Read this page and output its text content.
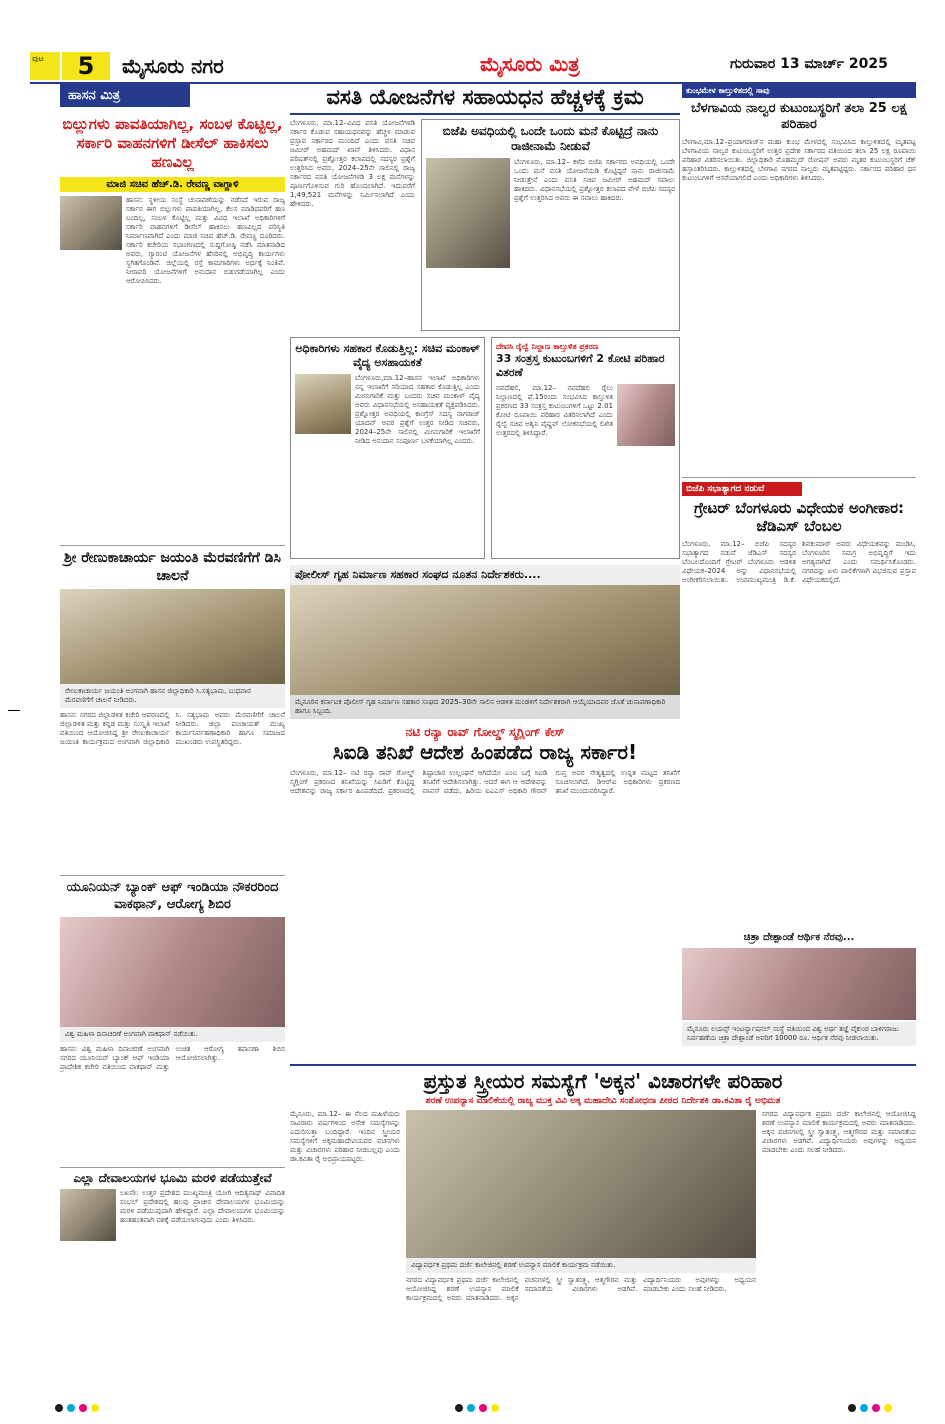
ಪುಟ	5	ಮೈಸೂರು ನಗರ	ಮೈಸೂರು ಮಿತ್ರ	ಗುರುವಾರ 13 ಮಾರ್ಚ್ 2025
ಹಾಸನ ಮಿತ್ರ
ಬಿಲ್ಲುಗಳು ಪಾವತಿಯಾಗಿಲ್ಲ, ಸಂಬಳ ಕೊಟ್ಟಿಲ್ಲ, ಸರ್ಕಾರಿ ವಾಹನಗಳಿಗೆ ಡೀಸೆಲ್ ಹಾಕಿಸಲು ಹಣವಿಲ್ಲ
ಮಾಜಿ ಸಚಿವ ಹೆಚ್.ಡಿ. ರೇವಣ್ಣ ವಾಗ್ದಾಳಿ
ಹಾಸನ: ಸ್ಥಳೀಯ ಸಂಸ್ಥೆ ಚುನಾವಣೆಯನ್ನು ನಡೆಸದೆ ಇರುವ ರಾಜ್ಯ ಸರ್ಕಾರ ಈಗ ಬಿಲ್ಲುಗಳು ಪಾವತಿಯಾಗಿಲ್ಲ, ಕೆಲಸ ಮಾಡಿದವರಿಗೆ ಹಣ ಬಂದಿಲ್ಲ, ಸಂಬಳ ಕೊಟ್ಟಿಲ್ಲ ಮತ್ತು ವಿವಿಧ ಇಲಾಖೆ ಅಧಿಕಾರಿಗಳಿಗೆ ಸರ್ಕಾರಿ ವಾಹನಗಳಿಗೆ ಡೀಸೆಲ್ ಹಾಕಿಸಲು ಹಣವಿಲ್ಲದ ಪರಿಸ್ಥಿತಿ ನಿರ್ಮಾಣವಾಗಿದೆ ಎಂದು ಮಾಜಿ ಸಚಿವ ಹೆಚ್.ಡಿ. ರೇವಣ್ಣ ದೂರಿದರು. ಸರ್ಕಾರಿ ಕಚೇರಿಯ ಸಭಾಂಗಣದಲ್ಲಿ ಸುದ್ದಿಗೋಷ್ಠಿ ನಡೆಸಿ ಮಾತನಾಡಿದ ಅವರು, ಗ್ಯಾರಂಟಿ ಯೋಜನೆಗಳ ಹೆಸರಿನಲ್ಲಿ ಅಭಿವೃದ್ಧಿ ಕಾರ್ಯಗಳು ಸ್ಥಗಿತಗೊಂಡಿವೆ. ಜಿಲ್ಲೆಯಲ್ಲಿ ರಸ್ತೆ ಕಾಮಗಾರಿಗಳು ಅರ್ಧಕ್ಕೆ ನಿಂತಿವೆ. ನೀರಾವರಿ ಯೋಜನೆಗಳಿಗೆ ಅನುದಾನ ಬಿಡುಗಡೆಯಾಗಿಲ್ಲ ಎಂದು ಆರೋಪಿಸಿದರು.
ಶ್ರೀ ರೇಣುಕಾಚಾರ್ಯ ಜಯಂತಿ ಮೆರವಣಿಗೆಗೆ ಡಿಸಿ ಚಾಲನೆ
ರೇಣುಕಾಚಾರ್ಯ ಜಯಂತಿ ಅಂಗವಾಗಿ ಹಾಸನ ಜಿಲ್ಲಾಧಿಕಾರಿ ಸಿ.ಸತ್ಯಭಾಮ, ಬುಧವಾರ ಮೆರವಣಿಗೆಗೆ ಚಾಲನೆ ನೀಡಿದರು.
ಹಾಸನ: ನಗರದ ಜಿಲ್ಲಾಡಳಿತ ಕಚೇರಿ ಆವರಣದಲ್ಲಿ ಜಿಲ್ಲಾಡಳಿತ ಮತ್ತು ಕನ್ನಡ ಮತ್ತು ಸಂಸ್ಕೃತಿ ಇಲಾಖೆ ವತಿಯಿಂದ ಆಯೋಜಿಸಿದ್ದ ಶ್ರೀ ರೇಣುಕಾಚಾರ್ಯ ಜಯಂತಿ ಕಾರ್ಯಕ್ರಮದ ಅಂಗವಾಗಿ ಜಿಲ್ಲಾಧಿಕಾರಿ ಸಿ. ಸತ್ಯಭಾಮ ಅವರು ಮೆರವಣಿಗೆಗೆ ಚಾಲನೆ ನೀಡಿದರು. ಜಿಲ್ಲಾ ಪಂಚಾಯತ್ ಮುಖ್ಯ ಕಾರ್ಯನಿರ್ವಹಣಾಧಿಕಾರಿ ಹಾಗೂ ಸಮಾಜದ ಮುಖಂಡರು ಉಪಸ್ಥಿತರಿದ್ದರು.
ಯೂನಿಯನ್ ಬ್ಯಾಂಕ್ ಆಫ್ ಇಂಡಿಯಾ ನೌಕರರಿಂದ ವಾಕಥಾನ್, ಆರೋಗ್ಯ ಶಿಬಿರ
ವಿಶ್ವ ಮಹಿಳಾ ದಿನಾಚರಣೆ ಅಂಗವಾಗಿ ವಾಕಥಾನ್ ನಡೆಯಿತು.
ಹಾಸನ: ವಿಶ್ವ ಮಹಿಳಾ ದಿನಾಚರಣೆ ಅಂಗವಾಗಿ ನಗರದ ಯೂನಿಯನ್ ಬ್ಯಾಂಕ್ ಆಫ್ ಇಂಡಿಯಾ ಪ್ರಾದೇಶಿಕ ಕಚೇರಿ ವತಿಯಿಂದ ವಾಕಥಾನ್ ಮತ್ತು ಉಚಿತ ಆರೋಗ್ಯ ತಪಾಸಣಾ ಶಿಬಿರ ಆಯೋಜಿಸಲಾಗಿತ್ತು.
ಎಲ್ಲಾ ದೇವಾಲಯಗಳ ಭೂಮಿ ಮರಳಿ ಪಡೆಯುತ್ತೇವೆ
ಲಖನೌ: ಉತ್ತರ ಪ್ರದೇಶದ ಮುಖ್ಯಮಂತ್ರಿ ಯೋಗಿ ಆದಿತ್ಯನಾಥ್ ವಿವಾದಿತ ಸಂಭಲ್ ಪ್ರದೇಶದಲ್ಲಿ ಹಲವು ಪ್ರಾಚೀನ ದೇವಾಲಯಗಳ ಭೂಮಿಯನ್ನು ಮರಳಿ ಪಡೆಯುವುದಾಗಿ ಹೇಳಿದ್ದಾರೆ. ಎಲ್ಲಾ ದೇವಾಲಯಗಳ ಭೂಮಿಯನ್ನು ಹಂತಹಂತವಾಗಿ ವಶಕ್ಕೆ ಪಡೆಯಲಾಗುವುದು ಎಂದು ತಿಳಿಸಿದರು.
ವಸತಿ ಯೋಜನೆಗಳ ಸಹಾಯಧನ ಹೆಚ್ಚಳಕ್ಕೆ ಕ್ರಮ
ಬೆಂಗಳೂರು, ಮಾ.12–ವಿವಿಧ ವಸತಿ ಯೋಜನೆಗಳಡಿ ಸರ್ಕಾರ ಕೊಡುವ ಸಹಾಯಧನವನ್ನು ಹೆಚ್ಚಳ ಮಾಡುವ ಪ್ರಸ್ತಾವ ಸರ್ಕಾರದ ಮುಂದಿದೆ ಎಂದು ವಸತಿ ಸಚಿವ ಜಮೀರ್ ಅಹಮದ್ ಖಾನ್ ತಿಳಿಸಿದರು. ವಿಧಾನ ಪರಿಷತ್‌ನಲ್ಲಿ ಪ್ರಶ್ನೋತ್ತರ ಕಲಾಪದಲ್ಲಿ ಸದಸ್ಯರ ಪ್ರಶ್ನೆಗೆ ಉತ್ತರಿಸಿದ ಅವರು, 2024–25ನೇ ಸಾಲಿನಲ್ಲಿ ರಾಜ್ಯ ಸರ್ಕಾರದ ವಸತಿ ಯೋಜನೆಗಳಡಿ 3 ಲಕ್ಷ ಮನೆಗಳನ್ನು ಪೂರ್ಣಗೊಳಿಸುವ ಗುರಿ ಹೊಂದಲಾಗಿದೆ. ಇದುವರೆಗೆ 1,49,521 ಮನೆಗಳನ್ನು ನಿರ್ಮಿಸಲಾಗಿದೆ ಎಂದು ಹೇಳಿದರು.
ಬಿಜೆಪಿ ಅವಧಿಯಲ್ಲಿ ಒಂದೇ ಒಂದು ಮನೆ ಕೊಟ್ಟಿದ್ರೆ ನಾನು ರಾಜೀನಾಮೆ ನೀಡುವೆ
ಬೆಂಗಳೂರು, ಮಾ.12– ಕಳೆದ ಬಿಜೆಪಿ ಸರ್ಕಾರದ ಅವಧಿಯಲ್ಲಿ ಒಂದೇ ಒಂದು ಮನೆ ವಸತಿ ಯೋಜನೆಯಡಿ ಕೊಟ್ಟಿದ್ದರೆ ನಾನು ರಾಜೀನಾಮೆ ನೀಡುತ್ತೇನೆ ಎಂದು ವಸತಿ ಸಚಿವ ಜಮೀರ್ ಅಹಮದ್ ಸವಾಲು ಹಾಕಿದರು. ವಿಧಾನಸಭೆಯಲ್ಲಿ ಪ್ರಶ್ನೋತ್ತರ ಕಲಾಪದ ವೇಳೆ ಬಿಜೆಪಿ ಸದಸ್ಯರ ಪ್ರಶ್ನೆಗೆ ಉತ್ತರಿಸಿದ ಅವರು ಈ ಸವಾಲು ಹಾಕಿದರು.
ಅಧಿಕಾರಿಗಳು ಸಹಕಾರ ಕೊಡುತ್ತಿಲ್ಲ: ಸಚಿವ ಮಂಕಾಳ್ ವೈದ್ಯ ಅಸಹಾಯಕತೆ
ಬೆಂಗಳೂರು,ಮಾ.12–ಹಾಸನ ಇಲಾಖೆ ಅಧಿಕಾರಿಗಳು ನನ್ನ ಇಲಾಖೆಗೆ ಸರಿಯಾದ ಸಹಕಾರ ಕೊಡುತ್ತಿಲ್ಲ ಎಂದು ಮೀನುಗಾರಿಕೆ ಮತ್ತು ಬಂದರು ಸಚಿವ ಮಂಕಾಳ್ ವೈದ್ಯ ಅವರು ವಿಧಾನಸಭೆಯಲ್ಲಿ ಅಸಹಾಯಕತೆ ವ್ಯಕ್ತಪಡಿಸಿದರು. ಪ್ರಶ್ನೋತ್ತರ ಅವಧಿಯಲ್ಲಿ ಕಾಂಗ್ರೆಸ್ ಸದಸ್ಯ ನಾಗರಾಜ್ ಯಾದವ್ ಅವರ ಪ್ರಶ್ನೆಗೆ ಉತ್ತರ ನೀಡಿದ ಸಚಿವರು, 2024–25ನೇ ಸಾಲಿನಲ್ಲಿ ಮೀನುಗಾರಿಕೆ ಇಲಾಖೆಗೆ ನೀಡಿದ ಅನುದಾನ ಸಂಪೂರ್ಣ ಬಳಕೆಯಾಗಿಲ್ಲ ಎಂದರು.
ದೇವಸಿ ರೈಲ್ವೆ ನಿಲ್ದಾಣ ಕಾಲ್ತುಳಿತ ಪ್ರಕರಣ
33 ಸಂತ್ರಸ್ತ ಕುಟುಂಬಗಳಿಗೆ 2 ಕೋಟಿ ಪರಿಹಾರ ವಿತರಣೆ
ನವದೆಹಲಿ, ಮಾ.12– ನವದೆಹಲಿ ರೈಲು ನಿಲ್ದಾಣದಲ್ಲಿ ಫೆ.15ರಂದು ಸಂಭವಿಸಿದ ಕಾಲ್ತುಳಿತ ಪ್ರಕರಣದ 33 ಸಂತ್ರಸ್ತ ಕುಟುಂಬಗಳಿಗೆ ಒಟ್ಟು 2.01 ಕೋಟಿ ರೂಪಾಯಿ ಪರಿಹಾರ ವಿತರಿಸಲಾಗಿದೆ ಎಂದು ರೈಲ್ವೆ ಸಚಿವ ಅಶ್ವಿನಿ ವೈಷ್ಣವ್ ಲೋಕಸಭೆಯಲ್ಲಿ ಲಿಖಿತ ಉತ್ತರದಲ್ಲಿ ತಿಳಿಸಿದ್ದಾರೆ.
ಪೋಲೀಸ್ ಗೃಹ ನಿರ್ಮಾಣ ಸಹಕಾರ ಸಂಘದ ನೂತನ ನಿರ್ದೇಶಕರು....
ಮೈಸೂರಿನ ಕರ್ನಾಟಕ ಪೊಲೀಸ್ ಗೃಹ ನಿರ್ಮಾಣ ಸಹಕಾರ ಸಂಘದ 2025–30ನೇ ಸಾಲಿನ ಆಡಳಿತ ಮಂಡಳಿಗೆ ನಿರ್ದೇಶಕರಾಗಿ ಆಯ್ಕೆಯಾದವರ ಜೊತೆ ಚುನಾವಣಾಧಿಕಾರಿ ಹಾಗೂ ಸಿಬ್ಬಂದಿ.
ನಟಿ ರನ್ಯಾ ರಾವ್ ಗೋಲ್ಡ್ ಸ್ಮಗ್ಲಿಂಗ್ ಕೇಸ್
ಸಿಐಡಿ ತನಿಖೆ ಆದೇಶ ಹಿಂಪಡೆದ ರಾಜ್ಯ ಸರ್ಕಾರ!
ಬೆಂಗಳೂರು, ಮಾ.12– ನಟಿ ರನ್ಯಾ ರಾವ್ ಗೋಲ್ಡ್ ಸ್ಮಗ್ಲಿಂಗ್ ಪ್ರಕರಣದ ತನಿಖೆಯನ್ನು ಸಿಐಡಿಗೆ ಕೊಟ್ಟಿದ್ದ ಆದೇಶವನ್ನು ರಾಜ್ಯ ಸರ್ಕಾರ ಹಿಂಪಡೆದಿದೆ. ಪ್ರಕರಣದಲ್ಲಿ ಶಿಷ್ಟಾಚಾರ ಉಲ್ಲಂಘನೆ ಆಗಿದೆಯೇ ಎಂಬ ಬಗ್ಗೆ ಸಿಐಡಿ ತನಿಖೆಗೆ ಆದೇಶಿಸಲಾಗಿತ್ತು. ಆದರೆ ಈಗ ಆ ಆದೇಶವನ್ನು ವಾಪಸ್ ಪಡೆದು, ಹಿರಿಯ ಐಎಎಸ್ ಅಧಿಕಾರಿ ಗೌರವ್ ಗುಪ್ತ ಅವರ ನೇತೃತ್ವದಲ್ಲಿ ಉನ್ನತ ಮಟ್ಟದ ತನಿಖೆಗೆ ಸೂಚಿಸಲಾಗಿದೆ. ಡಿಆರ್‌ಐ ಅಧಿಕಾರಿಗಳು ಪ್ರಕರಣದ ತನಿಖೆ ಮುಂದುವರಿಸಿದ್ದಾರೆ.
ಕುಂಭಮೇಳ ಕಾಲ್ತುಳಿತದಲ್ಲಿ ಸಾವು
ಬೆಳಗಾವಿಯ ನಾಲ್ವರ ಕುಟುಂಬಸ್ಥರಿಗೆ ತಲಾ 25 ಲಕ್ಷ ಪರಿಹಾರ
ಬೆಳಗಾವಿ,ಮಾ.12–ಪ್ರಯಾಗರಾಜ್‌ನ ಮಹಾ ಕುಂಭ ಮೇಳದಲ್ಲಿ ಸಂಭವಿಸಿದ ಕಾಲ್ತುಳಿತದಲ್ಲಿ ಮೃತಪಟ್ಟ ಬೆಳಗಾವಿಯ ನಾಲ್ವರ ಕುಟುಂಬಸ್ಥರಿಗೆ ಉತ್ತರ ಪ್ರದೇಶ ಸರ್ಕಾರದ ವತಿಯಿಂದ ತಲಾ 25 ಲಕ್ಷ ರೂಪಾಯಿ ಪರಿಹಾರ ವಿತರಿಸಲಾಯಿತು. ಜಿಲ್ಲಾಧಿಕಾರಿ ಮೊಹಮ್ಮದ್ ರೋಷನ್ ಅವರು ಮೃತರ ಕುಟುಂಬಸ್ಥರಿಗೆ ಚೆಕ್ ಹಸ್ತಾಂತರಿಸಿದರು. ಕಾಲ್ತುಳಿತದಲ್ಲಿ ಬೆಳಗಾವಿ ನಗರದ ನಾಲ್ವರು ಮೃತಪಟ್ಟಿದ್ದರು. ಸರ್ಕಾರದ ಪರಿಹಾರ ಧನ ಕುಟುಂಬಗಳಿಗೆ ಆಸರೆಯಾಗಲಿದೆ ಎಂದು ಅಧಿಕಾರಿಗಳು ತಿಳಿಸಿದರು.
ಬಿಜೆಪಿ ಸಭಾತ್ಯಾಗದ ನಡುವೆ
ಗ್ರೇಟರ್ ಬೆಂಗಳೂರು ವಿಧೇಯಕ ಅಂಗೀಕಾರ: ಜೆಡಿಎಸ್ ಬೆಂಬಲ
ಬೆಂಗಳೂರು, ಮಾ.12– ಬಿಜೆಪಿ ಸದಸ್ಯರ ಸಭಾತ್ಯಾಗದ ನಡುವೆ ಜೆಡಿಎಸ್ ಸದಸ್ಯರ ಬೆಂಬಲದೊಂದಿಗೆ ಗ್ರೇಟರ್ ಬೆಂಗಳೂರು ಆಡಳಿತ ವಿಧೇಯಕ–2024 ಅನ್ನು ವಿಧಾನಸಭೆಯಲ್ಲಿ ಅಂಗೀಕರಿಸಲಾಯಿತು. ಉಪಮುಖ್ಯಮಂತ್ರಿ ಡಿ.ಕೆ. ಶಿವಕುಮಾರ್ ಅವರು ವಿಧೇಯಕವನ್ನು ಮಂಡಿಸಿ, ಬೆಂಗಳೂರಿನ ಸಮಗ್ರ ಅಭಿವೃದ್ಧಿಗೆ ಇದು ಅಗತ್ಯವಾಗಿದೆ ಎಂದು ಸಮರ್ಥಿಸಿಕೊಂಡರು. ನಗರವನ್ನು ಏಳು ಪಾಲಿಕೆಗಳಾಗಿ ವಿಭಜಿಸುವ ಪ್ರಸ್ತಾವ ವಿಧೇಯಕದಲ್ಲಿದೆ.
ಚಿತ್ರಾ ದೇಶ್ಪಾಂಡೆ ಆರ್ಥಿಕ ನೆರವು...
ಮೈಸೂರು ಲಯನ್ಸ್ ಇಂಟರ್ನ್ಯಾಷನಲ್ ಸಂಸ್ಥೆ ವತಿಯಿಂದ ವಿಶ್ವ ಅರ್ಥ ತಜ್ಞೆ ವೈಕುಂಠ ಬಾಳಿಗರಾಜು ನಿರ್ವಹಣೆಯ ಚಿತ್ರಾ ದೇಶ್ಪಾಂಡೆ ಅವರಿಗೆ 10000 ರೂ. ಆರ್ಥಿಕ ನೆರವು ನೀಡಲಾಯಿತು.
ಪ್ರಸ್ತುತ ಸ್ತ್ರೀಯರ ಸಮಸ್ಯೆಗೆ 'ಅಕ್ಕನ' ವಿಚಾರಗಳೇ ಪರಿಹಾರ
ಶರಣೆ ಉಪನ್ಯಾಸ ಮಾಲಿಕೆಯಲ್ಲಿ ರಾಜ್ಯ ಮುಕ್ತ ವಿವಿ ಅಕ್ಕ ಮಹಾದೇವಿ ಸಂಶೋಧನಾ ಪೀಠದ ನಿರ್ದೇಶಕಿ ಡಾ.ಕವಿತಾ ರೈ ಅಭಿಮತ
ಮೈಸೂರು, ಮಾ.12– ಈ ನೆಲದ ಮಹಿಳೆಯರು ಸಾವಿರಾರು ವರ್ಷಗಳಿಂದ ಅನೇಕ ಸಮಸ್ಯೆಗಳನ್ನು ಎದುರಿಸುತ್ತಾ ಬಂದಿದ್ದಾರೆ. ಇಂದಿನ ಸ್ತ್ರೀಯರ ಸಮಸ್ಯೆಗಳಿಗೆ ಅಕ್ಕಮಹಾದೇವಿಯವರ ವಚನಗಳು ಮತ್ತು ವಿಚಾರಗಳು ಪರಿಹಾರ ನೀಡಬಲ್ಲವು ಎಂದು ಡಾ.ಕವಿತಾ ರೈ ಅಭಿಪ್ರಾಯಪಟ್ಟರು.
ವಿದ್ಯಾವರ್ಧಕ ಪ್ರಥಮ ದರ್ಜೆ ಕಾಲೇಜಿನಲ್ಲಿ ಶರಣೆ ಉಪನ್ಯಾಸ ಮಾಲಿಕೆ ಕಾರ್ಯಕ್ರಮ ನಡೆಯಿತು.
ನಗರದ ವಿದ್ಯಾವರ್ಧಕ ಪ್ರಥಮ ದರ್ಜೆ ಕಾಲೇಜಿನಲ್ಲಿ ಆಯೋಜಿಸಿದ್ದ ಶರಣೆ ಉಪನ್ಯಾಸ ಮಾಲಿಕೆ ಕಾರ್ಯಕ್ರಮದಲ್ಲಿ ಅವರು ಮಾತನಾಡಿದರು. ಅಕ್ಕನ ವಚನಗಳಲ್ಲಿ ಸ್ತ್ರೀ ಸ್ವಾತಂತ್ರ್ಯ, ಆತ್ಮಗೌರವ ಮತ್ತು ಸಮಾನತೆಯ ವಿಚಾರಗಳು ಅಡಗಿವೆ. ವಿದ್ಯಾರ್ಥಿನಿಯರು ಅವುಗಳನ್ನು ಅಧ್ಯಯನ ಮಾಡಬೇಕು ಎಂದು ಸಲಹೆ ನೀಡಿದರು.
ನಗರದ ವಿದ್ಯಾವರ್ಧಕ ಪ್ರಥಮ ದರ್ಜೆ ಕಾಲೇಜಿನಲ್ಲಿ ಆಯೋಜಿಸಿದ್ದ ಶರಣೆ ಉಪನ್ಯಾಸ ಮಾಲಿಕೆ ಕಾರ್ಯಕ್ರಮದಲ್ಲಿ ಅವರು ಮಾತನಾಡಿದರು. ಅಕ್ಕನ ವಚನಗಳಲ್ಲಿ ಸ್ತ್ರೀ ಸ್ವಾತಂತ್ರ್ಯ, ಆತ್ಮಗೌರವ ಮತ್ತು ಸಮಾನತೆಯ ವಿಚಾರಗಳು ಅಡಗಿವೆ. ವಿದ್ಯಾರ್ಥಿನಿಯರು ಅವುಗಳನ್ನು ಅಧ್ಯಯನ ಮಾಡಬೇಕು ಎಂದು ಸಲಹೆ ನೀಡಿದರು.
